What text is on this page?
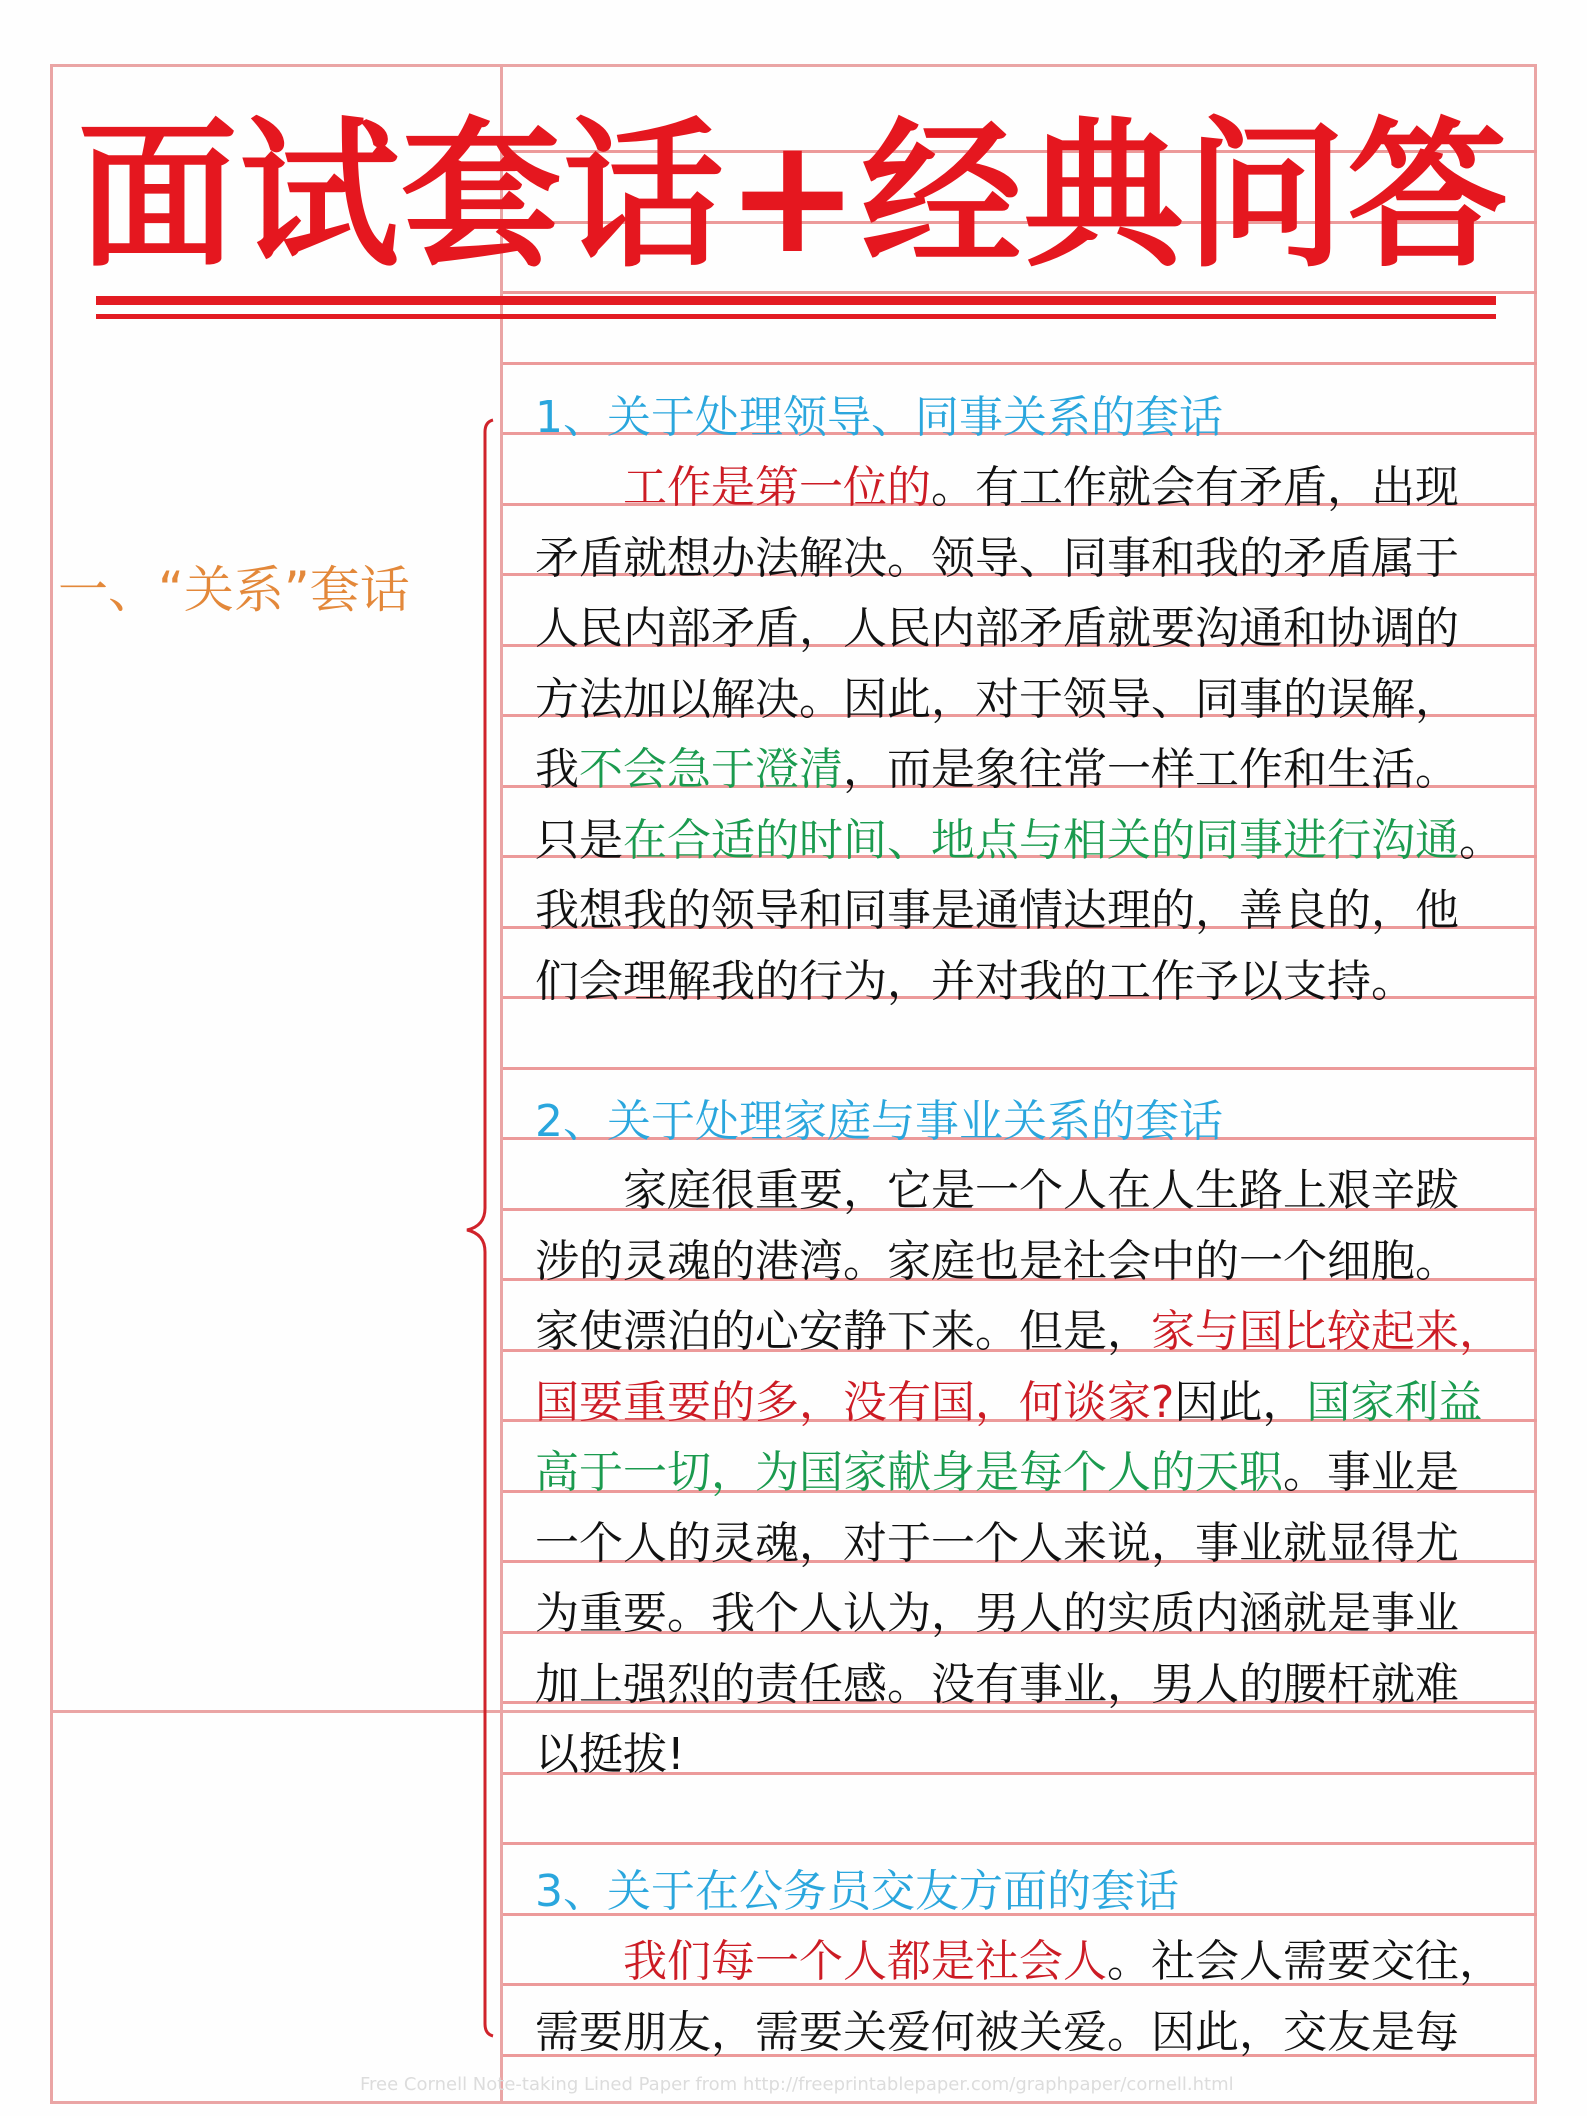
面试套话+经典问答
一、“关系”套话
1、关于处理领导、同事关系的套话
工作是第一位的。有工作就会有矛盾，出现
矛盾就想办法解决。领导、同事和我的矛盾属于
人民内部矛盾，人民内部矛盾就要沟通和协调的
方法加以解决。因此，对于领导、同事的误解，
我不会急于澄清，而是象往常一样工作和生活。
只是在合适的时间、地点与相关的同事进行沟通。
我想我的领导和同事是通情达理的，善良的，他
们会理解我的行为，并对我的工作予以支持。
2、关于处理家庭与事业关系的套话
家庭很重要，它是一个人在人生路上艰辛跋
涉的灵魂的港湾。家庭也是社会中的一个细胞。
家使漂泊的心安静下来。但是，家与国比较起来，
国要重要的多，没有国，何谈家?因此，国家利益
高于一切，为国家献身是每个人的天职。事业是
一个人的灵魂，对于一个人来说，事业就显得尤
为重要。我个人认为，男人的实质内涵就是事业
加上强烈的责任感。没有事业，男人的腰杆就难
以挺拔!
3、关于在公务员交友方面的套话
我们每一个人都是社会人。社会人需要交往，
需要朋友，需要关爱何被关爱。因此，交友是每
Free Cornell Note-taking Lined Paper from http://freeprintablepaper.com/graphpaper/cornell.html
